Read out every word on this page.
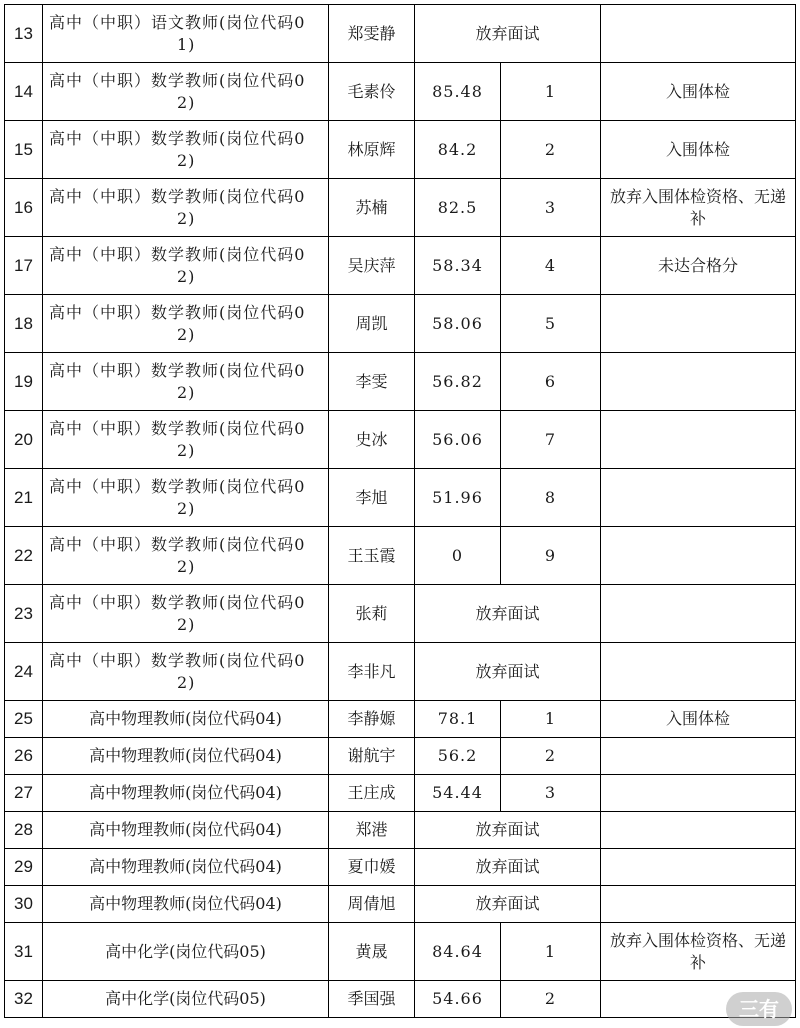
13	高中（中职）语文教师(岗位代码0
1)	郑雯静	放弃面试		
14	高中（中职）数学教师(岗位代码0
2)	毛素伶	85.48	1	入围体检
15	高中（中职）数学教师(岗位代码0
2)	林原辉	84.2	2	入围体检
16	高中（中职）数学教师(岗位代码0
2)	苏楠	82.5	3	放弃入围体检资格、无递补
17	高中（中职）数学教师(岗位代码0
2)	吴庆萍	58.34	4	未达合格分
18	高中（中职）数学教师(岗位代码0
2)	周凯	58.06	5	
19	高中（中职）数学教师(岗位代码0
2)	李雯	56.82	6	
20	高中（中职）数学教师(岗位代码0
2)	史冰	56.06	7	
21	高中（中职）数学教师(岗位代码0
2)	李旭	51.96	8	
22	高中（中职）数学教师(岗位代码0
2)	王玉霞	0	9	
23	高中（中职）数学教师(岗位代码0
2)	张莉	放弃面试		
24	高中（中职）数学教师(岗位代码0
2)	李非凡	放弃面试		
25	高中物理教师(岗位代码04)	李静嫄	78.1	1	入围体检
26	高中物理教师(岗位代码04)	谢航宇	56.2	2	
27	高中物理教师(岗位代码04)	王庄成	54.44	3	
28	高中物理教师(岗位代码04)	郑港	放弃面试		
29	高中物理教师(岗位代码04)	夏巾媛	放弃面试		
30	高中物理教师(岗位代码04)	周倩旭	放弃面试		
31	高中化学(岗位代码05)	黄晟	84.64	1	放弃入围体检资格、无递补
32	高中化学(岗位代码05)	季国强	54.66	2		三有
